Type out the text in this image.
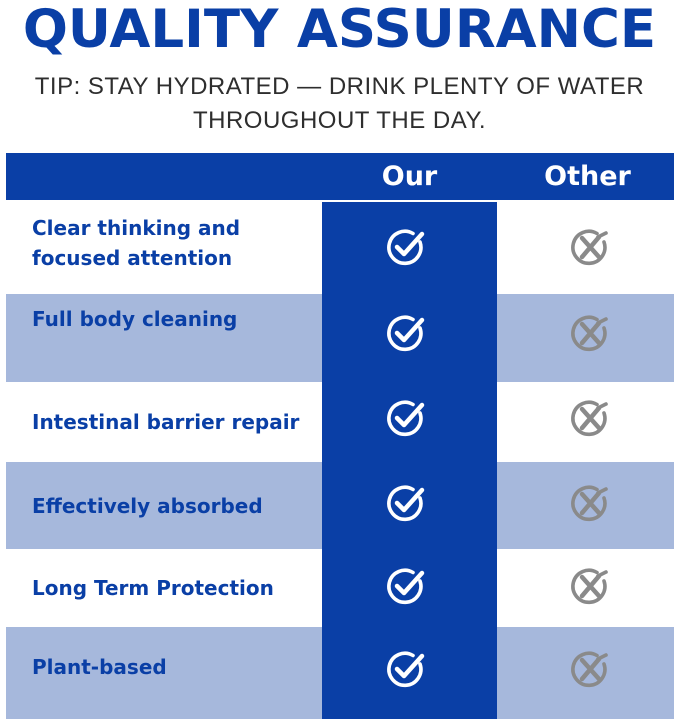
QUALITY ASSURANCE
TIP: STAY HYDRATED — DRINK PLENTY OF WATER
THROUGHOUT THE DAY.
Our	Other
Clear thinking and focused attention
Full body cleaning
Intestinal barrier repair
Effectively absorbed
Long Term Protection
Plant-based
